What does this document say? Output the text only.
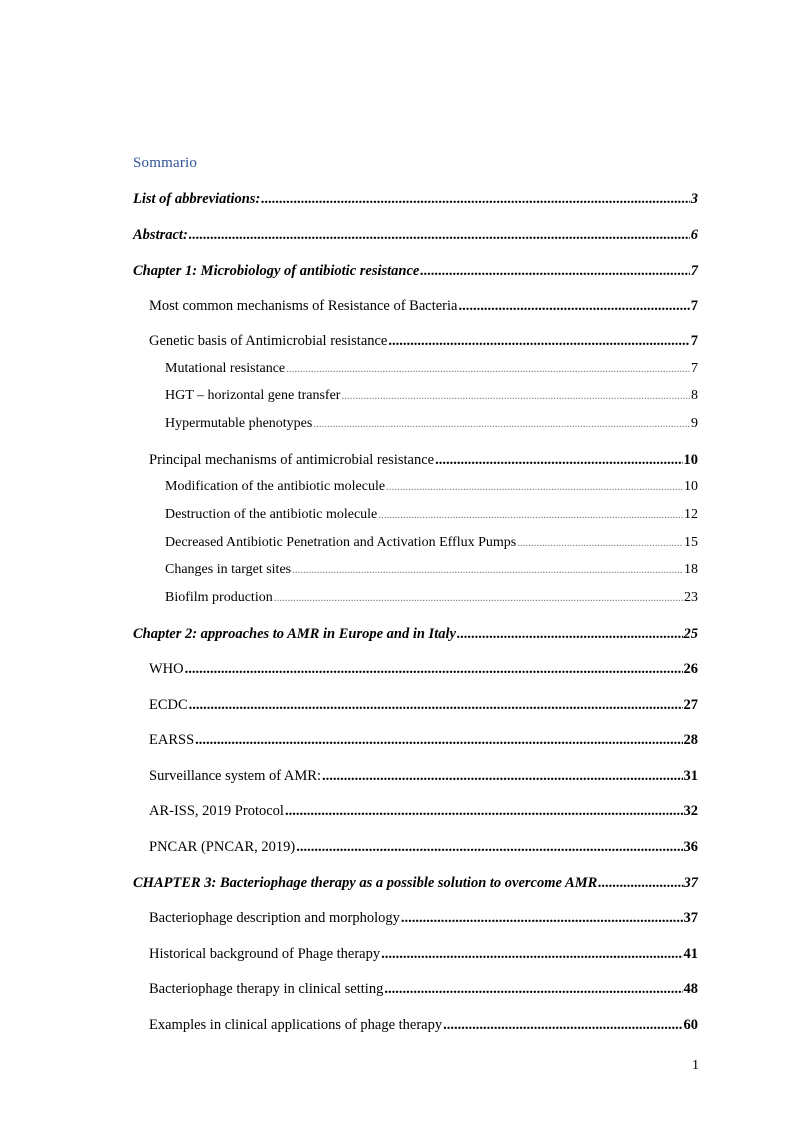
Sommario
List of abbreviations: .....	3
Abstract: .....	6
Chapter 1: Microbiology of antibiotic resistance .....	7
Most common mechanisms of Resistance of Bacteria .....	7
Genetic basis of Antimicrobial resistance .....	7
Mutational resistance .....	7
HGT – horizontal gene transfer .....	8
Hypermutable phenotypes .....	9
Principal mechanisms of antimicrobial resistance .....	10
Modification of the antibiotic molecule .....	10
Destruction of the antibiotic molecule .....	12
Decreased Antibiotic Penetration and Activation Efflux Pumps .....	15
Changes in target sites .....	18
Biofilm production .....	23
Chapter 2: approaches to AMR in Europe and in Italy .....	25
WHO .....	26
ECDC .....	27
EARSS .....	28
Surveillance system of AMR: .....	31
AR-ISS, 2019 Protocol .....	32
PNCAR (PNCAR, 2019) .....	36
CHAPTER 3: Bacteriophage therapy as a possible solution to overcome AMR .....	37
Bacteriophage description and morphology .....	37
Historical background of Phage therapy .....	41
Bacteriophage therapy in clinical setting .....	48
Examples in clinical applications of phage therapy .....	60
1
